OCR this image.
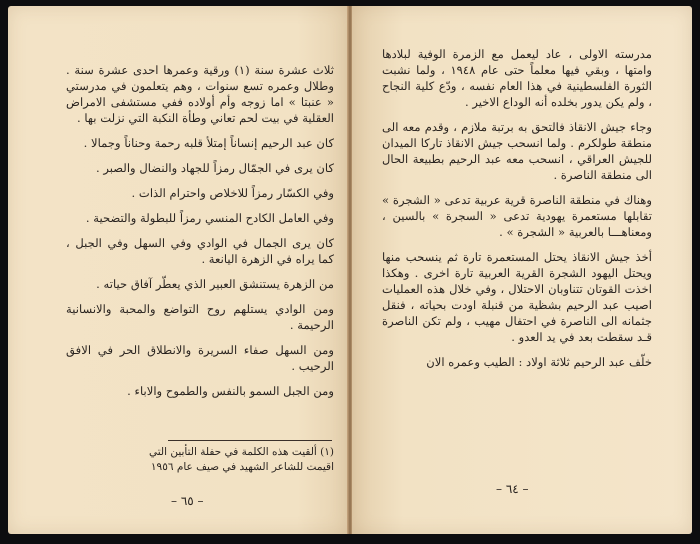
ثلاث عشرة سنة (١) ورقية وعمرها احدى عشرة سنة . وطلال وعمره تسع سنوات ، وهم يتعلمون في مدرستي « عنبتا » اما زوجه وأم أولاده ففي مستشفى الامراض العقلية في بيت لحم تعاني وطأة النكبة التي نزلت بها .

كان عبد الرحيم إنساناً إمتلأ قلبه رحمة وحناناً وجمالا .

كان يرى في الجمّال رمزاً للجهاد والنضال والصبر .

وفي الكسّار رمزاً للاخلاص واحترام الذات .

وفي العامل الكادح المنسي رمزاً للبطولة والتضحية .

كان يرى الجمال في الوادي وفي السهل وفي الجبل ، كما يراه في الزهرة اليانعة .

من الزهرة يستنشق العبير الذي يعطّر آفاق حياته .

ومن الوادي يستلهم روح التواضع والمحبة والانسانية الرحيمة .

ومن السهل صفاء السريرة والانطلاق الحر في الافق الرحيب .

ومن الجبل السمو بالنفس والطموح والاباء .

(١) ألقيت هذه الكلمة في حفلة التأبين التي اقيمت للشاعر الشهيد في صيف عام ١٩٥٦
– ٦٥ –

مدرسته الاولى ، عاد ليعمل مع الزمرة الوفية لبلادها وامتها ، وبقي فيها معلماً حتى عام ١٩٤٨ ، ولما نشبت الثورة الفلسطينية في هذا العام نفسه ، ودّع كلية النجاح ، ولم يكن يدور بخلده أنه الوداع الاخير .

وجاء جيش الانقاذ فالتحق به برتبة ملازم ، وقدم معه الى منطقة طولكرم . ولما انسحب جيش الانقاذ تاركا الميدان للجيش العراقي ، انسحب معه عبد الرحيم بطبيعة الحال الى منطقة الناصرة .

وهناك في منطقة الناصرة قرية عربية تدعى « الشجرة » تقابلها مستعمرة يهودية تدعى « السجرة » بالسين ، ومعناهـــا بالعربية « الشجرة » .

أخذ جيش الانقاذ يحتل المستعمرة تارة ثم ينسحب منها ويحتل اليهود الشجرة القرية العربية تارة اخرى . وهكذا اخذت القوتان تتناوبان الاحتلال ، وفي خلال هذه العمليات اصيب عبد الرحيم بشظية من قنبلة اودت بحياته ، فنقل جثمانه الى الناصرة في احتفال مهيب ، ولم تكن الناصرة قـد سقطت بعد في يد العدو .

خلّف عبد الرحيم ثلاثة اولاد : الطيب وعمره الان

– ٦٤ –
